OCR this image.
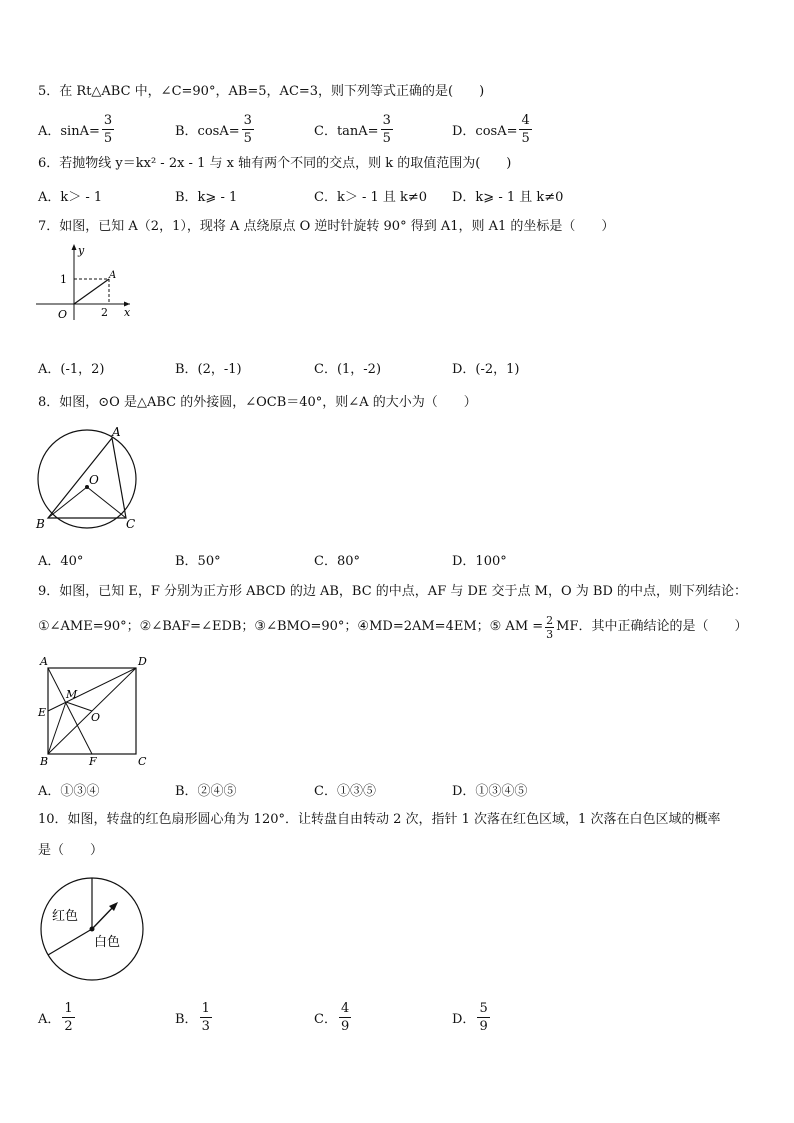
5．在 Rt△ABC 中，∠C=90°，AB=5，AC=3，则下列等式正确的是(　　)
A．$\sin A= \frac{3}{5}$	B．$\cos A= \frac{3}{5}$	C．$\tan A= \frac{3}{5}$	D．$\cos A= \frac{4}{5}$
6．若抛物线 y＝kx² - 2x - 1 与 x 轴有两个不同的交点，则 k 的取值范围为(　　)
A．k＞ - 1	B．k⩾ - 1	C．k＞ - 1 且 k≠0 D．k⩾ - 1 且 k≠0
7．如图，已知 A（2，1），现将 A 点绕原点 O 逆时针旋转 90° 得到 A1，则 A1 的坐标是（　　）
y
x
1
2
O
A
A．(-1，2)	B．(2，-1)	C．(1，-2)	D．(-2，1)
8．如图，⊙O 是△ABC 的外接圆，∠OCB＝40°，则∠A 的大小为（　　）
A
B	C
O
A．40°	B．50°	C．80°	D．100°
9．如图，已知 E，F 分别为正方形 ABCD 的边 AB，BC 的中点，AF 与 DE 交于点 M，O 为 BD 的中点，则下列结论：
①∠AME=90°；②∠BAF=∠EDB；③∠BMO=90°；④MD=2AM=4EM；⑤ AM = $\frac{2}{3}$ MF．其中正确结论的是（　　）
A	D
B	C
E
F
M
O
A．①③④	B．②④⑤	C．①③⑤	D．①③④⑤
10．如图，转盘的红色扇形圆心角为 120°．让转盘自由转动 2 次，指针 1 次落在红色区域，1 次落在白色区域的概率
是（　　）
红色
白色
A． $\frac{1}{2}$	B． $\frac{1}{3}$	C． $\frac{4}{9}$	D． $\frac{5}{9}$
